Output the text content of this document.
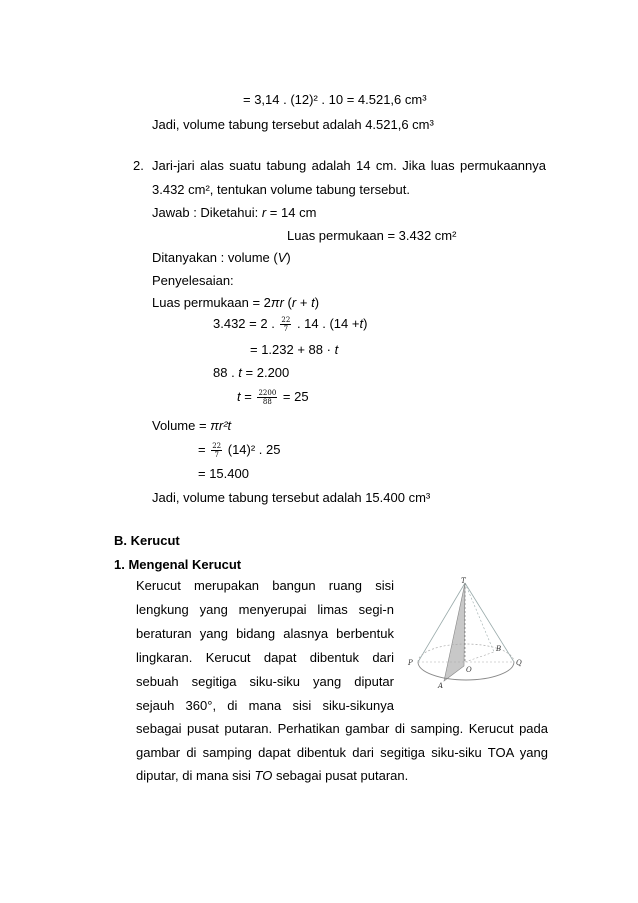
= 3,14 . (12)² . 10 = 4.521,6 cm³
Jadi, volume tabung tersebut adalah 4.521,6 cm³
2. Jari-jari alas suatu tabung adalah 14 cm. Jika luas permukaannya
3.432 cm², tentukan volume tabung tersebut.
Jawab : Diketahui: r = 14 cm
Luas permukaan = 3.432 cm²
Ditanyakan : volume (V)
Penyelesaian:
Luas permukaan = 2πr (r + t)
3.432 = 2 . $\frac{22}{7}$ . 14 . (14 +t)
= 1.232 + 88 · t
88 . t = 2.200
$t = \frac{2200}{88} = 25$
Volume = πr²t
= $\frac{22}{7} (14)^2$ . 25
= 15.400
Jadi, volume tabung tersebut adalah 15.400 cm³
B. Kerucut
1. Mengenal Kerucut
Kerucut merupakan bangun ruang sisi
lengkung yang menyerupai limas segi-n
beraturan yang bidang alasnya berbentuk
lingkaran. Kerucut dapat dibentuk dari
sebuah segitiga siku-siku yang diputar
sejauh 360°, di mana sisi siku-sikunya
sebagai pusat putaran. Perhatikan gambar di samping. Kerucut pada
gambar di samping dapat dibentuk dari segitiga siku-siku TOA yang
diputar, di mana sisi TO sebagai pusat putaran.
T
P	Q
O
A
B
